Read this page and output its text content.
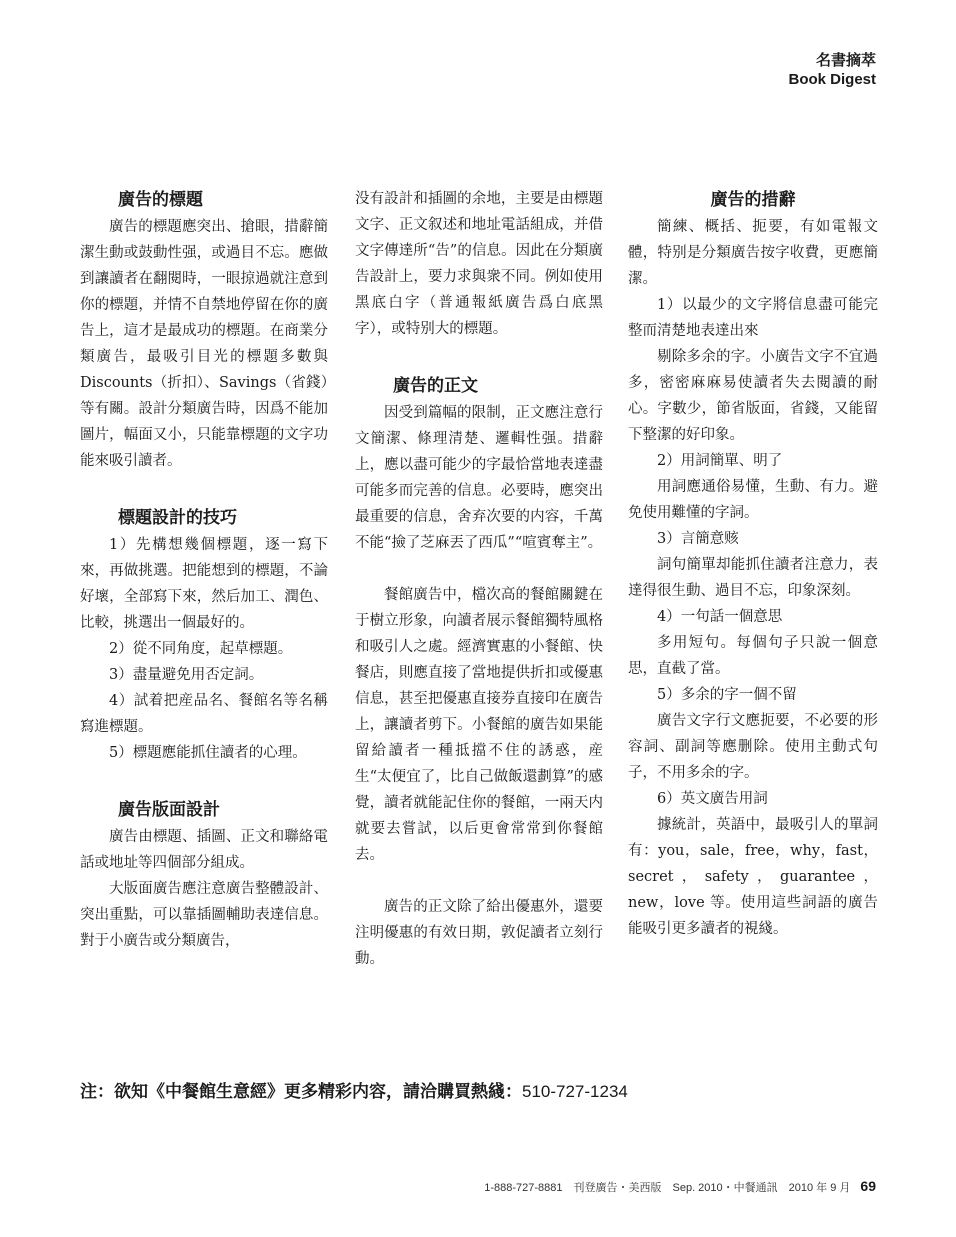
名書摘萃
Book Digest
廣告的標題

廣告的標題應突出、搶眼，措辭簡潔生動或鼓動性强，或過目不忘。應做到讓讀者在翻閱時，一眼掠過就注意到你的標題，并情不自禁地停留在你的廣告上，這才是最成功的標題。在商業分類廣告，最吸引目光的標題多數與 Discounts（折扣）、Savings（省錢）等有關。設計分類廣告時，因爲不能加圖片，幅面又小，只能靠標題的文字功能來吸引讀者。

標題設計的技巧

1）先構想幾個標題，逐一寫下來，再做挑選。把能想到的標題，不論好壞，全部寫下來，然后加工、潤色、比較，挑選出一個最好的。

2）從不同角度，起草標題。

3）盡量避免用否定詞。

4）試着把産品名、餐館名等名稱寫進標題。

5）標題應能抓住讀者的心理。

廣告版面設計

廣告由標題、插圖、正文和聯絡電話或地址等四個部分組成。

大版面廣告應注意廣告整體設計、突出重點，可以靠插圖輔助表達信息。對于小廣告或分類廣告，

没有設計和插圖的余地，主要是由標題文字、正文叙述和地址電話組成，并借文字傳達所“告”的信息。因此在分類廣告設計上，要力求與衆不同。例如使用黑底白字（普通報紙廣告爲白底黑字），或特别大的標題。

廣告的正文

因受到篇幅的限制，正文應注意行文簡潔、條理清楚、邏輯性强。措辭上，應以盡可能少的字最恰當地表達盡可能多而完善的信息。必要時，應突出最重要的信息，舍弃次要的内容，千萬不能“撿了芝麻丟了西瓜”“喧賓奪主”。

餐館廣告中，檔次高的餐館關鍵在于樹立形象，向讀者展示餐館獨特風格和吸引人之處。經濟實惠的小餐館、快餐店，則應直接了當地提供折扣或優惠信息，甚至把優惠直接券直接印在廣告上，讓讀者剪下。小餐館的廣告如果能留給讀者一種抵擋不住的誘惑，産生“太便宜了，比自己做飯還劃算”的感覺，讀者就能記住你的餐館，一兩天内就要去嘗試，以后更會常常到你餐館去。

廣告的正文除了給出優惠外，還要注明優惠的有效日期，敦促讀者立刻行動。

廣告的措辭

簡練、概括、扼要，有如電報文體，特别是分類廣告按字收費，更應簡潔。

1）以最少的文字將信息盡可能完整而清楚地表達出來

剔除多余的字。小廣告文字不宜過多，密密麻麻易使讀者失去閱讀的耐心。字數少，節省版面，省錢，又能留下整潔的好印象。

2）用詞簡單、明了

用詞應通俗易懂，生動、有力。避免使用難懂的字詞。

3）言簡意赅

詞句簡單却能抓住讀者注意力，表達得很生動、過目不忘，印象深刻。

4）一句話一個意思

多用短句。每個句子只說一個意思，直截了當。

5）多余的字一個不留

廣告文字行文應扼要，不必要的形容詞、副詞等應删除。使用主動式句子，不用多余的字。

6）英文廣告用詞

據統計，英語中，最吸引人的單詞有：you，sale，free，why，fast，secret，safety，guarantee，new，love 等。使用這些詞語的廣告能吸引更多讀者的視綫。

注：欲知《中餐館生意經》更多精彩内容，請洽購買熱綫：510-727-1234
1-888-727-8881　刊登廣告・美西版　Sep. 2010・中餐通訊　2010 年 9 月 69
